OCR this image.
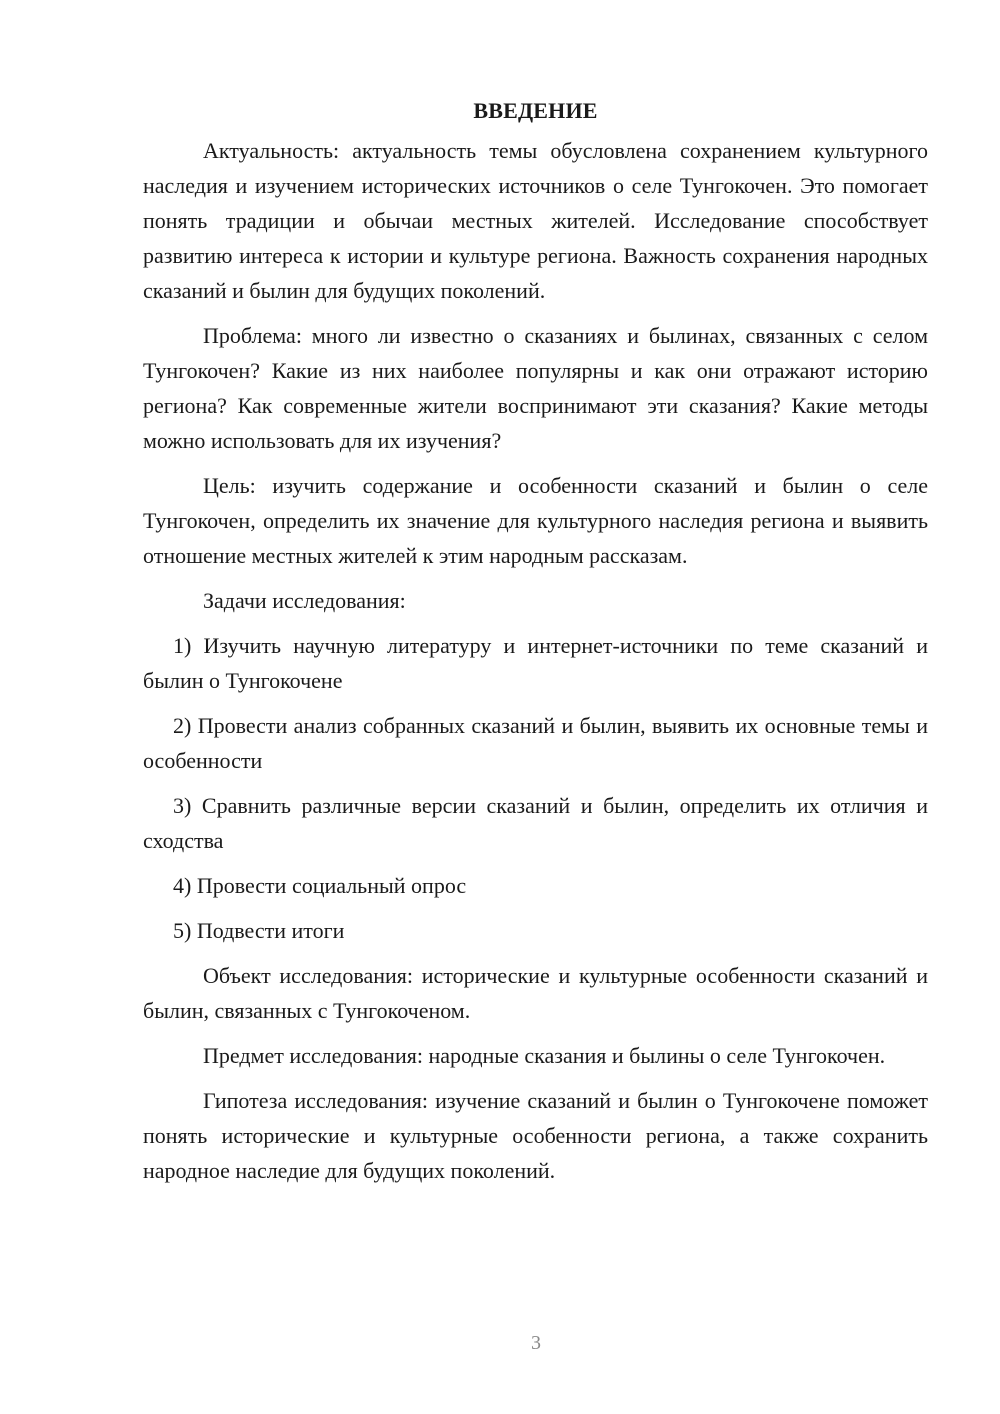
ВВЕДЕНИЕ

Актуальность: актуальность темы обусловлена сохранением культурного наследия и изучением исторических источников о селе Тунгокочен. Это помогает понять традиции и обычаи местных жителей. Исследование способствует развитию интереса к истории и культуре региона. Важность сохранения народных сказаний и былин для будущих поколений.

Проблема: много ли известно о сказаниях и былинах, связанных с селом Тунгокочен? Какие из них наиболее популярны и как они отражают историю региона? Как современные жители воспринимают эти сказания? Какие методы можно использовать для их изучения?

Цель: изучить содержание и особенности сказаний и былин о селе Тунгокочен, определить их значение для культурного наследия региона и выявить отношение местных жителей к этим народным рассказам.

Задачи исследования:

1) Изучить научную литературу и интернет-источники по теме сказаний и былин о Тунгокочене

2) Провести анализ собранных сказаний и былин, выявить их основные темы и особенности

3) Сравнить различные версии сказаний и былин, определить их отличия и сходства

4) Провести социальный опрос

5) Подвести итоги

Объект исследования: исторические и культурные особенности сказаний и былин, связанных с Тунгокоченом.

Предмет исследования: народные сказания и былины о селе Тунгокочен.

Гипотеза исследования: изучение сказаний и былин о Тунгокочене поможет понять исторические и культурные особенности региона, а также сохранить народное наследие для будущих поколений.

3
